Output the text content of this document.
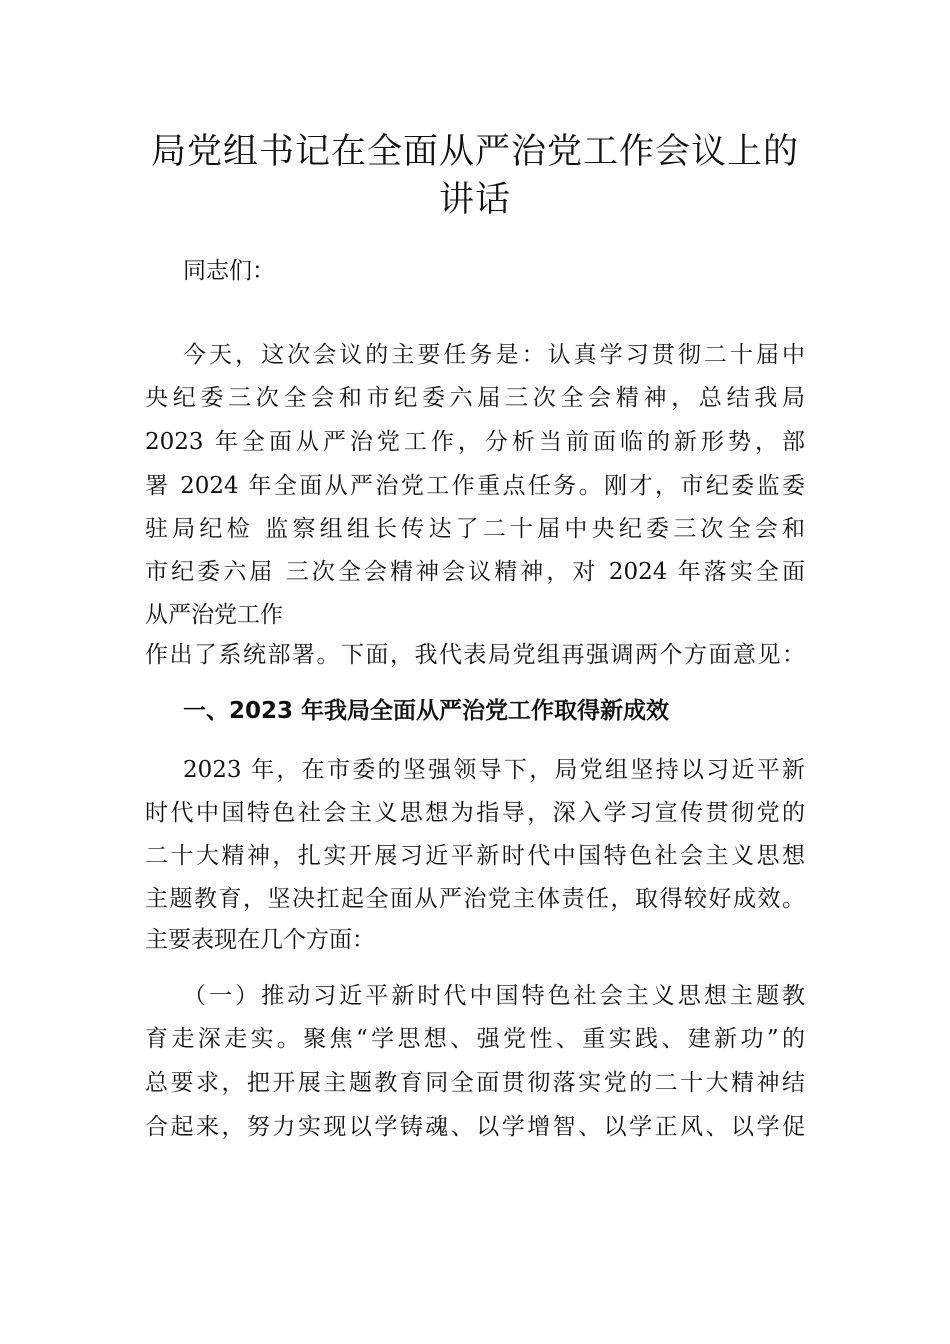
局党组书记在全面从严治党工作会议上的
讲话

同志们：

今天，这次会议的主要任务是：认真学习贯彻二十届中

央纪委三次全会和市纪委六届三次全会精神，总结我局

2023 年全面从严治党工作，分析当前面临的新形势，部

署 2024 年全面从严治党工作重点任务。刚才，市纪委监委

驻局纪检 监察组组长传达了二十届中央纪委三次全会和

市纪委六届 三次全会精神会议精神，对 2024 年落实全面

从严治党工作

作出了系统部署。下面，我代表局党组再强调两个方面意见：

一、2023 年我局全面从严治党工作取得新成效

2023 年，在市委的坚强领导下，局党组坚持以习近平新

时代中国特色社会主义思想为指导，深入学习宣传贯彻党的

二十大精神，扎实开展习近平新时代中国特色社会主义思想

主题教育，坚决扛起全面从严治党主体责任，取得较好成效。

主要表现在几个方面：

（一）推动习近平新时代中国特色社会主义思想主题教

育走深走实。聚焦“学思想、强党性、重实践、建新功”的

总要求，把开展主题教育同全面贯彻落实党的二十大精神结

合起来，努力实现以学铸魂、以学增智、以学正风、以学促
